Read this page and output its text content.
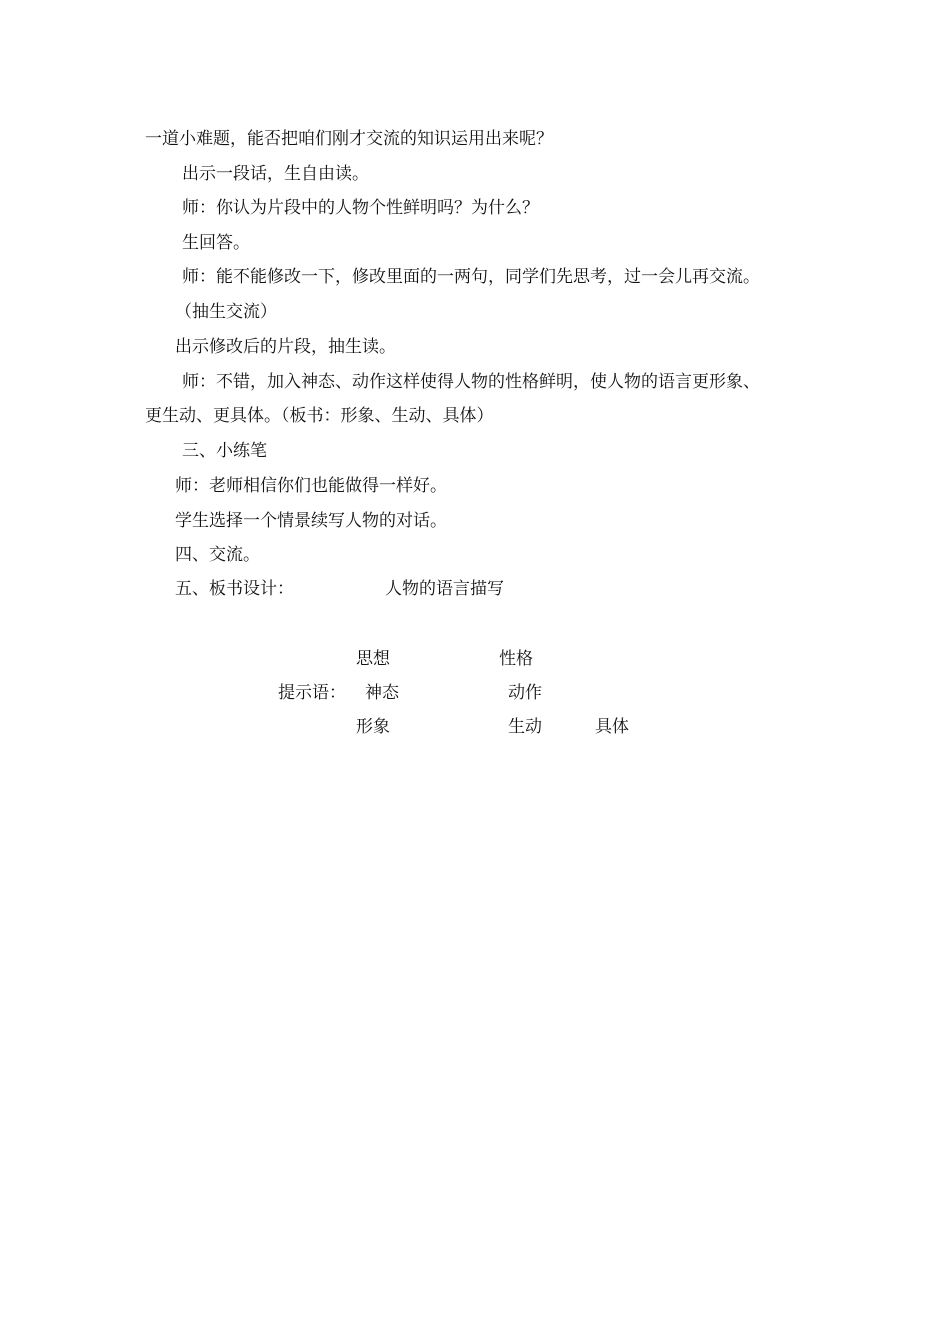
一道小难题，能否把咱们刚才交流的知识运用出来呢？
出示一段话，生自由读。
师：你认为片段中的人物个性鲜明吗？为什么？
生回答。
师：能不能修改一下，修改里面的一两句，同学们先思考，过一会儿再交流。
（抽生交流）
出示修改后的片段，抽生读。
师：不错，加入神态、动作这样使得人物的性格鲜明，使人物的语言更形象、
更生动、更具体。（板书：形象、生动、具体）
三、小练笔
师：老师相信你们也能做得一样好。
学生选择一个情景续写人物的对话。
四、交流。
五、板书设计：	人物的语言描写
思想	性格
提示语： 神态	动作
形象	生动	具体
